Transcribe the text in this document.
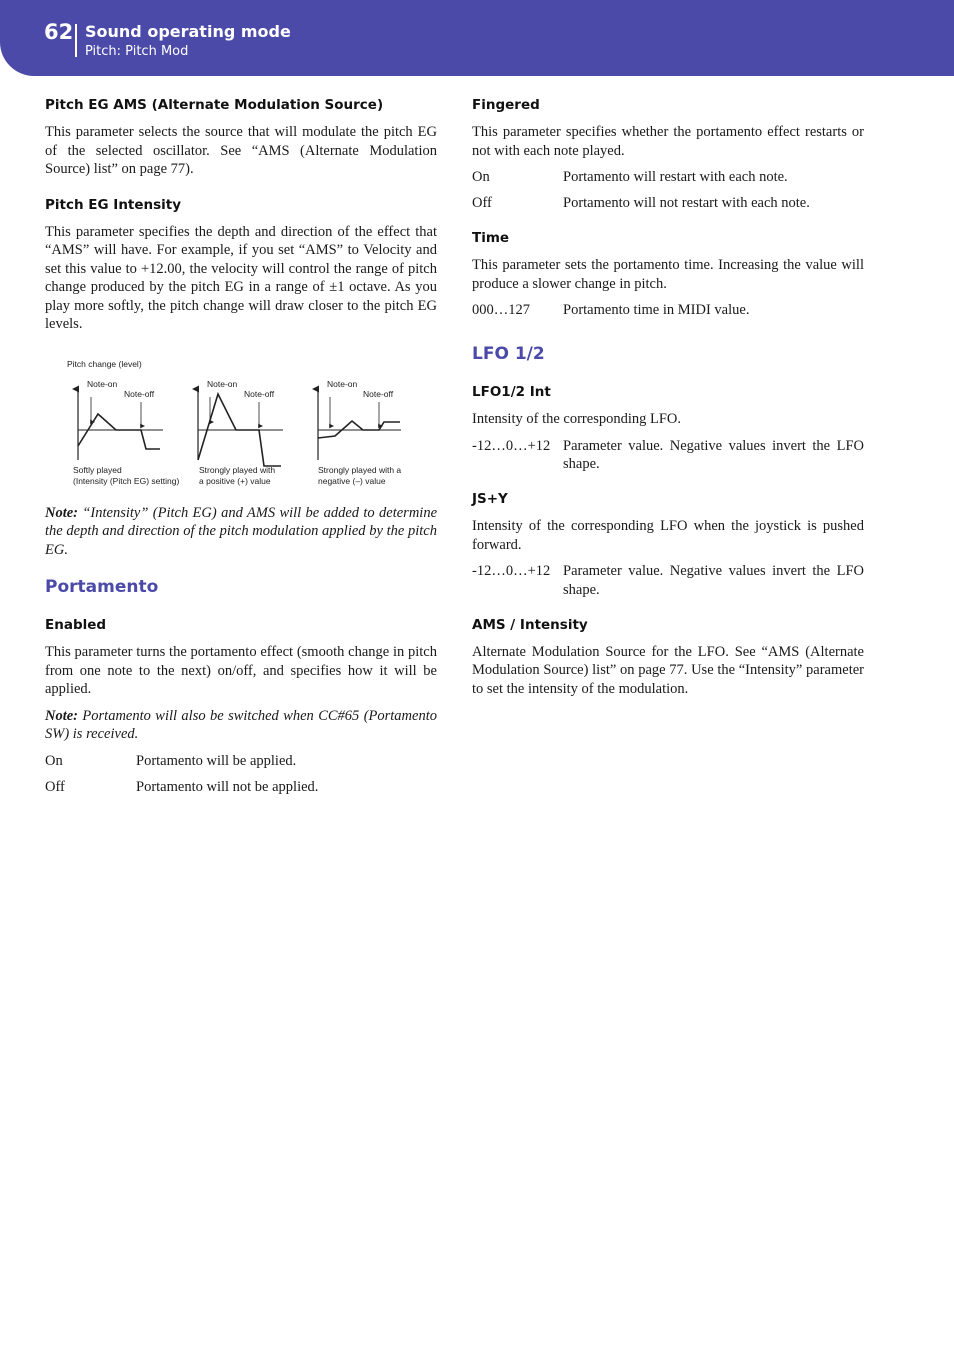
62 Sound operating mode
Pitch: Pitch Mod
Pitch EG AMS (Alternate Modulation Source)
This parameter selects the source that will modulate the pitch EG of the selected oscillator. See “AMS (Alternate Modulation Source) list” on page 77).
Pitch EG Intensity
This parameter specifies the depth and direction of the effect that “AMS” will have. For example, if you set “AMS” to Velocity and set this value to +12.00, the velocity will control the range of pitch change produced by the pitch EG in a range of ±1 octave. As you play more softly, the pitch change will draw closer to the pitch EG levels.
Pitch change (level)
Note-on
Note-off
Softly played
(Intensity (Pitch EG) setting)
Note-on
Note-off
Strongly played with
a positive (+) value
Note-on
Note-off
Strongly played with a
negative (–) value
Note: “Intensity” (Pitch EG) and AMS will be added to determine the depth and direction of the pitch modulation applied by the pitch EG.
Portamento
Enabled
This parameter turns the portamento effect (smooth change in pitch from one note to the next) on/off, and specifies how it will be applied.
Note: Portamento will also be switched when CC#65 (Portamento SW) is received.
On	Portamento will be applied.
Off	Portamento will not be applied.
Fingered
This parameter specifies whether the portamento effect restarts or not with each note played.
On	Portamento will restart with each note.
Off	Portamento will not restart with each note.
Time
This parameter sets the portamento time. Increasing the value will produce a slower change in pitch.
000…127	Portamento time in MIDI value.
LFO 1/2
LFO1/2 Int
Intensity of the corresponding LFO.
-12…0…+12 Parameter value. Negative values invert the LFO shape.
JS+Y
Intensity of the corresponding LFO when the joystick is pushed forward.
-12…0…+12 Parameter value. Negative values invert the LFO shape.
AMS / Intensity
Alternate Modulation Source for the LFO. See “AMS (Alternate Modulation Source) list” on page 77. Use the “Intensity” parameter to set the intensity of the modulation.
